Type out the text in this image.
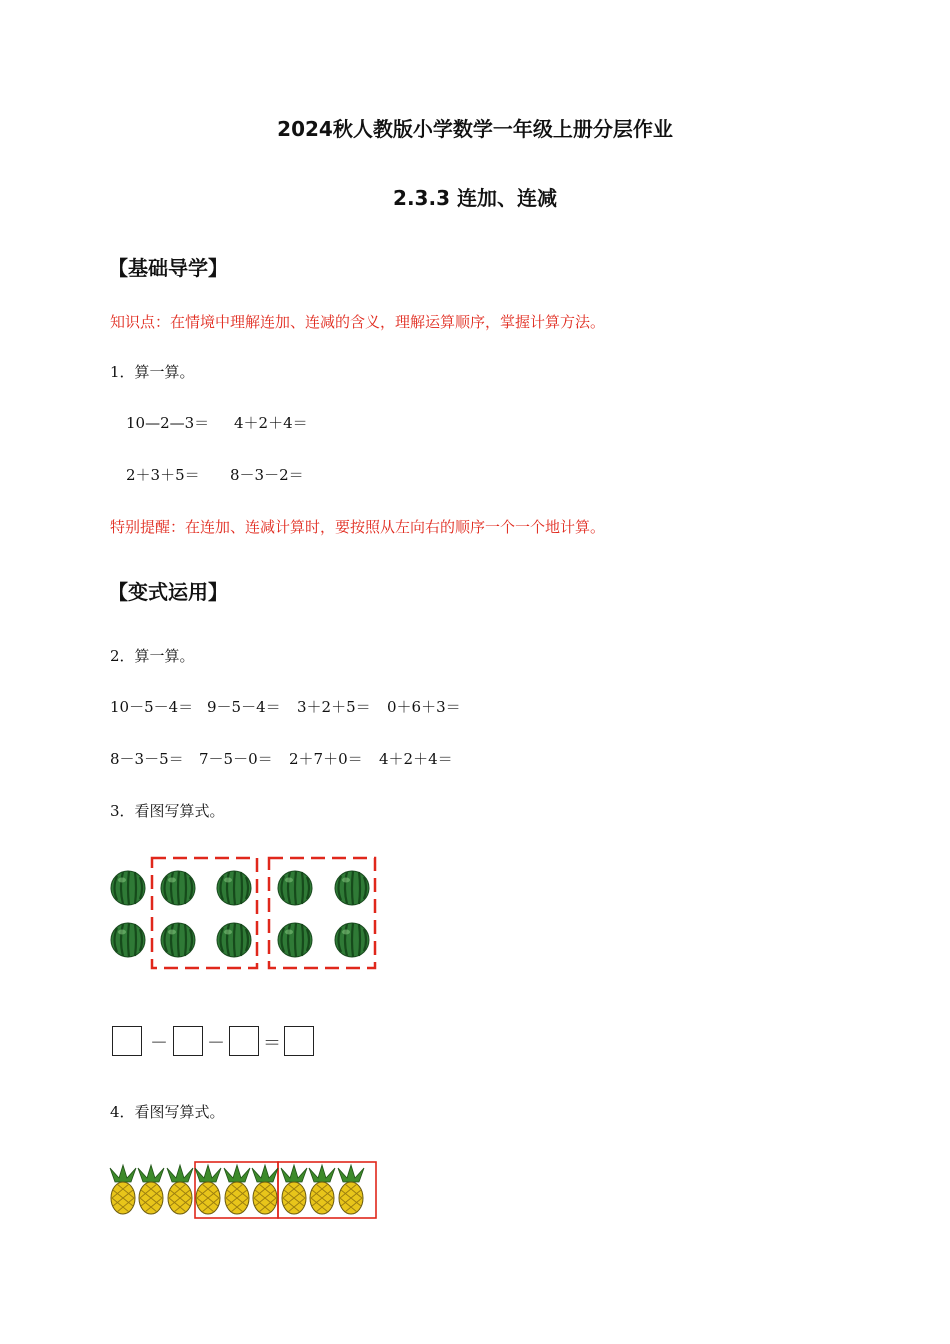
2024秋人教版小学数学一年级上册分层作业
2.3.3 连加、连减
【基础导学】
知识点：在情境中理解连加、连减的含义，理解运算顺序，掌握计算方法。
1．算一算。
10—2—3＝ 4＋2＋4＝
2＋3＋5＝ 8－3－2＝
特别提醒：在连加、连减计算时，要按照从左向右的顺序一个一个地计算。
【变式运用】
2．算一算。
10－5－4＝ 9－5－4＝ 3＋2＋5＝ 0＋6＋3＝
8－3－5＝ 7－5－0＝ 2＋7＋0＝ 4＋2＋4＝
3．看图写算式。
－ － ＝
4．看图写算式。
